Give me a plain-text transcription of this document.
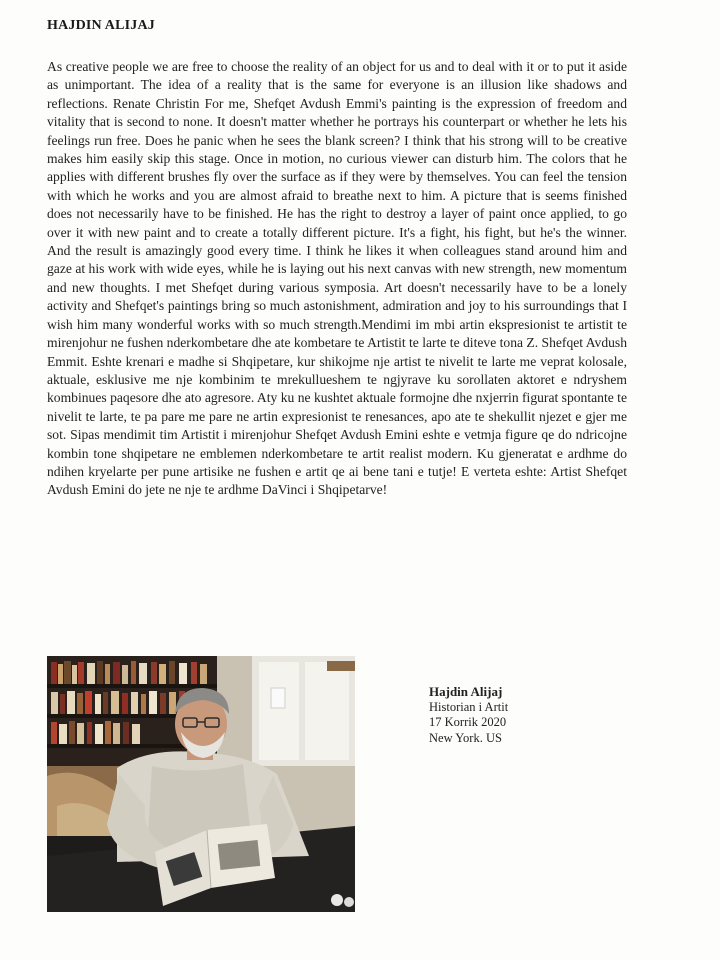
HAJDIN ALIJAJ

As creative people we are free to choose the reality of an object for us and to deal with it or to put it aside as unimportant. The idea of a reality that is the same for everyone is an illusion like shadows and reflections. Renate Christin For me, Shefqet Avdush Emmi's painting is the expression of freedom and vitality that is second to none. It doesn't matter whether he portrays his counterpart or whether he lets his feelings run free. Does he panic when he sees the blank screen? I think that his strong will to be creative makes him easily skip this stage. Once in motion, no curious viewer can disturb him. The colors that he applies with different brushes fly over the surface as if they were by themselves. You can feel the tension with which he works and you are almost afraid to breathe next to him. A picture that is seems finished does not necessarily have to be finished. He has the right to destroy a layer of paint once applied, to go over it with new paint and to create a totally different picture. It's a fight, his fight, but he's the winner. And the result is amazingly good every time. I think he likes it when colleagues stand around him and gaze at his work with wide eyes, while he is laying out his next canvas with new strength, new momentum and new thoughts. I met Shefqet during various symposia. Art doesn't necessarily have to be a lonely activity and Shefqet's paintings bring so much astonishment, admiration and joy to his surroundings that I wish him many wonderful works with so much strength.Mendimi im mbi artin ekspresionist te artistit te mirenjohur ne fushen nderkombetare dhe ate kombetare te Artistit te larte te diteve tona Z. Shefqet Avdush Emmit. Eshte krenari e madhe si Shqipetare, kur shikojme nje artist te nivelit te larte me veprat kolosale, aktuale, esklusive me nje kombinim te mrekullueshem te ngjyrave ku sorollaten aktoret e ndryshem kombinues paqesore dhe ato agresore. Aty ku ne kushtet aktuale formojne dhe nxjerrin figurat spontante te nivelit te larte, te pa pare me pare ne artin expresionist te renesances, apo ate te shekullit njezet e gjer me sot. Sipas mendimit tim Artistit i mirenjohur Shefqet Avdush Emini eshte e vetmja figure qe do ndricojne kombin tone shqipetare ne emblemen nderkombetare te artit realist modern. Ku gjeneratat e ardhme do ndihen kryelarte per pune artisike ne fushen e artit qe ai bene tani e tutje! E verteta eshte: Artist Shefqet Avdush Emini do jete ne nje te ardhme DaVinci i Shqipetarve!

Hajdin Alijaj
Historian i Artit
17 Korrik 2020
New York. US
